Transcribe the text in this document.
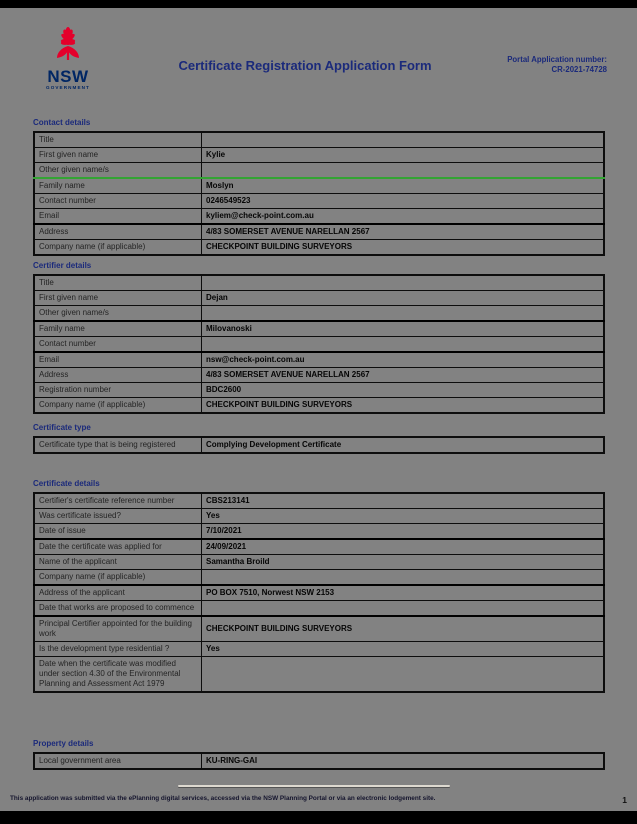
NSW
GOVERNMENT
Certificate Registration Application Form	Portal Application number:
CR-2021-74728
Contact details
Title	
First given name	Kylie
Other given name/s	
Family name	Moslyn
Contact number	0246549523
Email	kyliem@check-point.com.au
Address	4/83 SOMERSET AVENUE NARELLAN 2567
Company name (if applicable)	CHECKPOINT BUILDING SURVEYORS
Certifier details
Title	
First given name	Dejan
Other given name/s	
Family name	Milovanoski
Contact number	
Email	nsw@check-point.com.au
Address	4/83 SOMERSET AVENUE NARELLAN 2567
Registration number	BDC2600
Company name (if applicable)	CHECKPOINT BUILDING SURVEYORS
Certificate type
Certificate type that is being registered	Complying Development Certificate
Certificate details
Certifier's certificate reference number	CBS213141
Was certificate issued?	Yes
Date of issue	7/10/2021
Date the certificate was applied for	24/09/2021
Name of the applicant	Samantha Broild
Company name (if applicable)	
Address of the applicant	PO BOX 7510, Norwest NSW 2153
Date that works are proposed to commence	
Principal Certifier appointed for the building work	CHECKPOINT BUILDING SURVEYORS
Is the development type residential ?	Yes
Date when the certificate was modified under section 4.30 of the Environmental Planning and Assessment Act 1979	
Property details
Local government area	KU-RING-GAI
This application was submitted via the ePlanning digital services, accessed via the NSW Planning Portal or via an electronic lodgement site.	1
